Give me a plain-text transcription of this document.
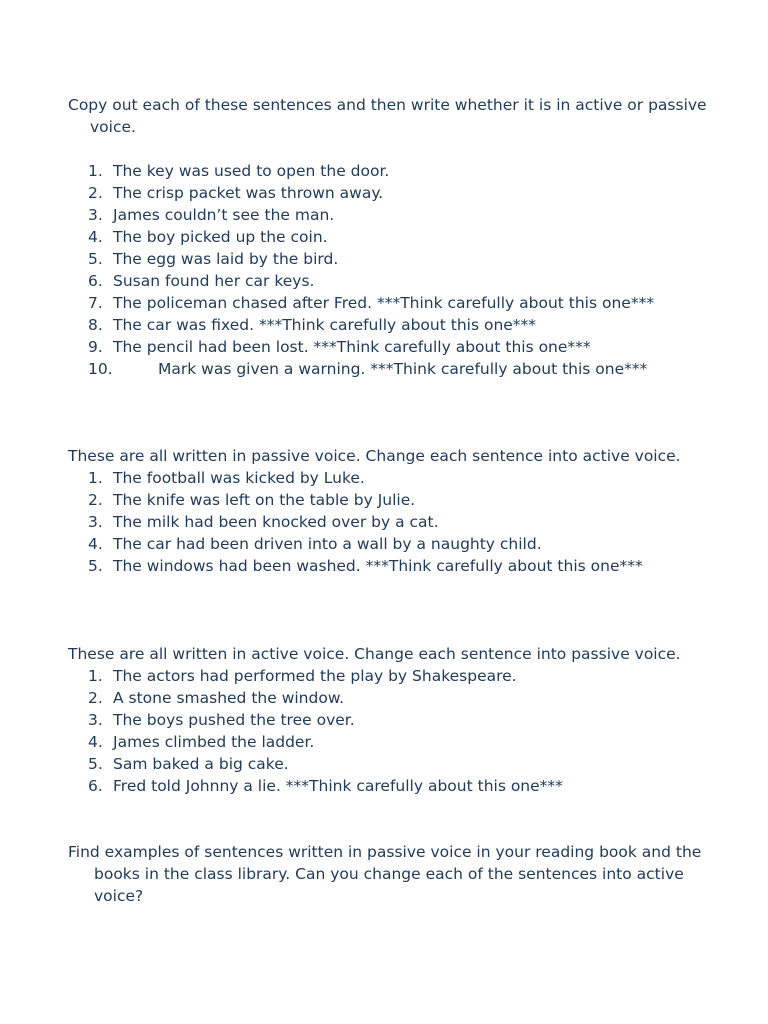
Copy out each of these sentences and then write whether it is in active or passive voice.

1. The key was used to open the door.
2. The crisp packet was thrown away.
3. James couldn’t see the man.
4. The boy picked up the coin.
5. The egg was laid by the bird.
6. Susan found her car keys.
7. The policeman chased after Fred. ***Think carefully about this one***
8. The car was fixed. ***Think carefully about this one***
9. The pencil had been lost. ***Think carefully about this one***
10.	Mark was given a warning. ***Think carefully about this one***

These are all written in passive voice. Change each sentence into active voice.

1. The football was kicked by Luke.
2. The knife was left on the table by Julie.
3. The milk had been knocked over by a cat.
4. The car had been driven into a wall by a naughty child.
5. The windows had been washed. ***Think carefully about this one***

These are all written in active voice. Change each sentence into passive voice.

1. The actors had performed the play by Shakespeare.
2. A stone smashed the window.
3. The boys pushed the tree over.
4. James climbed the ladder.
5. Sam baked a big cake.
6. Fred told Johnny a lie. ***Think carefully about this one***

Find examples of sentences written in passive voice in your reading book and the books in the class library. Can you change each of the sentences into active voice?
